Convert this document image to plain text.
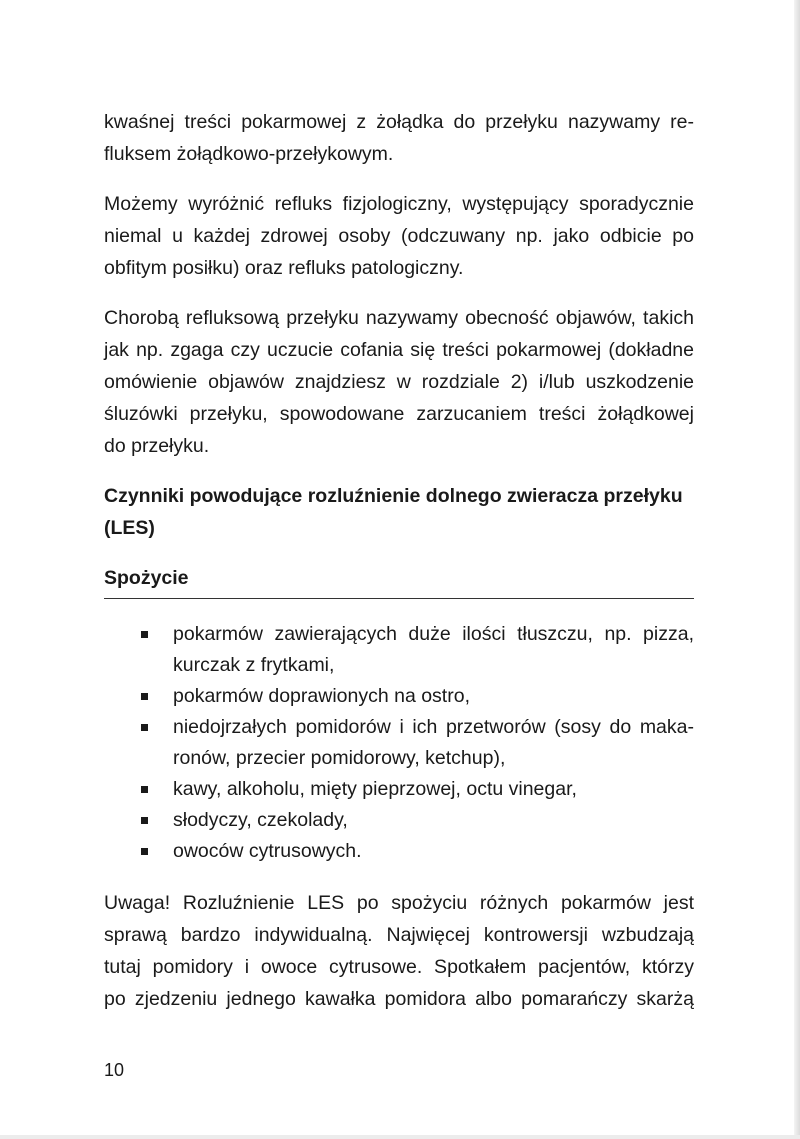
kwaśnej treści pokarmowej z żołądka do przełyku nazywamy re-
fluksem żołądkowo-przełykowym.

Możemy wyróżnić refluks fizjologiczny, występujący sporadycznie
niemal u każdej zdrowej osoby (odczuwany np. jako odbicie po
obfitym posiłku) oraz refluks patologiczny.

Chorobą refluksową przełyku nazywamy obecność objawów, takich
jak np. zgaga czy uczucie cofania się treści pokarmowej (dokładne
omówienie objawów znajdziesz w rozdziale 2) i/lub uszkodzenie
śluzówki przełyku, spowodowane zarzucaniem treści żołądkowej
do przełyku.

Czynniki powodujące rozluźnienie dolnego zwieracza przełyku
(LES)
Spożycie
pokarmów zawierających duże ilości tłuszczu, np. pizza,
kurczak z frytkami,
pokarmów doprawionych na ostro,
niedojrzałych pomidorów i ich przetworów (sosy do maka-
ronów, przecier pomidorowy, ketchup),
kawy, alkoholu, mięty pieprzowej, octu vinegar,
słodyczy, czekolady,
owoców cytrusowych.

Uwaga! Rozluźnienie LES po spożyciu różnych pokarmów jest
sprawą bardzo indywidualną. Najwięcej kontrowersji wzbudzają
tutaj pomidory i owoce cytrusowe. Spotkałem pacjentów, którzy
po zjedzeniu jednego kawałka pomidora albo pomarańczy skarżą

10
